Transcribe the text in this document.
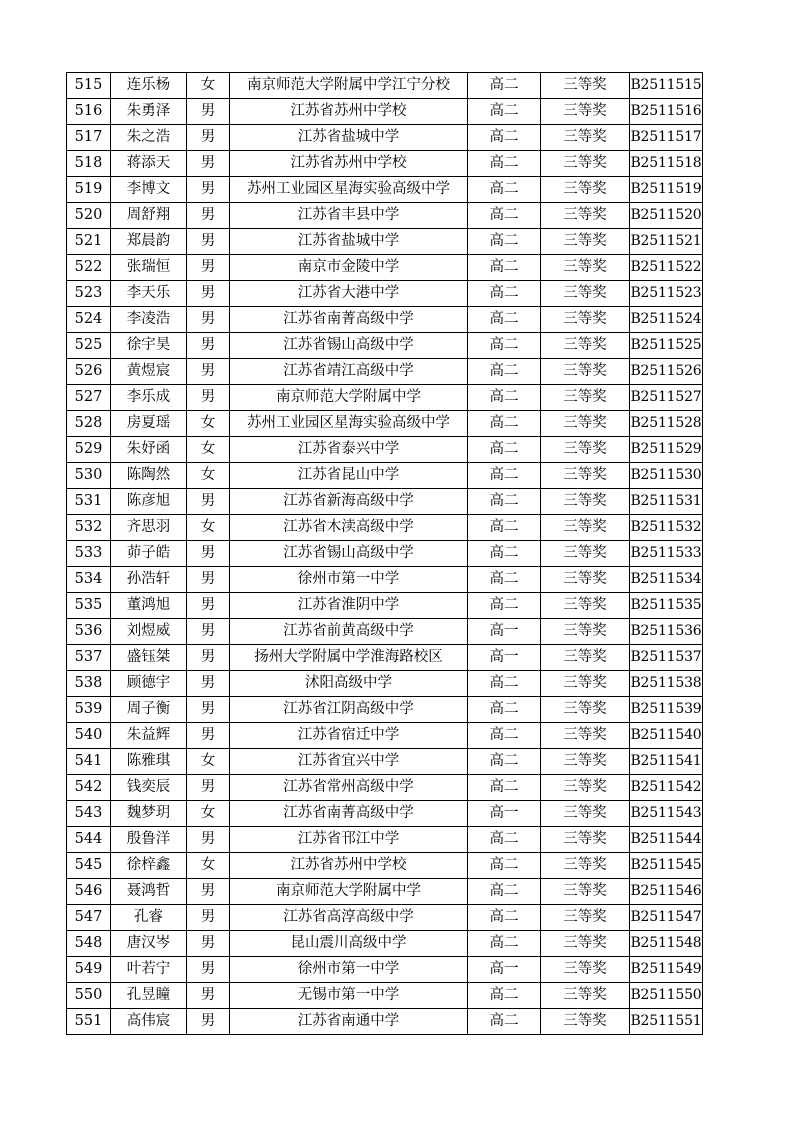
515	连乐杨	女	南京师范大学附属中学江宁分校	高二	三等奖	B2511515
516	朱勇泽	男	江苏省苏州中学校	高二	三等奖	B2511516
517	朱之浩	男	江苏省盐城中学	高二	三等奖	B2511517
518	蒋添天	男	江苏省苏州中学校	高二	三等奖	B2511518
519	李博文	男	苏州工业园区星海实验高级中学	高二	三等奖	B2511519
520	周舒翔	男	江苏省丰县中学	高二	三等奖	B2511520
521	郑晨韵	男	江苏省盐城中学	高二	三等奖	B2511521
522	张瑞恒	男	南京市金陵中学	高二	三等奖	B2511522
523	李天乐	男	江苏省大港中学	高二	三等奖	B2511523
524	李凌浩	男	江苏省南菁高级中学	高二	三等奖	B2511524
525	徐宇昊	男	江苏省锡山高级中学	高二	三等奖	B2511525
526	黄煜宸	男	江苏省靖江高级中学	高二	三等奖	B2511526
527	李乐成	男	南京师范大学附属中学	高二	三等奖	B2511527
528	房夏瑶	女	苏州工业园区星海实验高级中学	高二	三等奖	B2511528
529	朱妤函	女	江苏省泰兴中学	高二	三等奖	B2511529
530	陈陶然	女	江苏省昆山中学	高二	三等奖	B2511530
531	陈彦旭	男	江苏省新海高级中学	高二	三等奖	B2511531
532	齐思羽	女	江苏省木渎高级中学	高二	三等奖	B2511532
533	茆子皓	男	江苏省锡山高级中学	高二	三等奖	B2511533
534	孙浩轩	男	徐州市第一中学	高二	三等奖	B2511534
535	董鸿旭	男	江苏省淮阴中学	高二	三等奖	B2511535
536	刘煜威	男	江苏省前黄高级中学	高一	三等奖	B2511536
537	盛钰桀	男	扬州大学附属中学淮海路校区	高一	三等奖	B2511537
538	顾德宇	男	沭阳高级中学	高二	三等奖	B2511538
539	周子衡	男	江苏省江阴高级中学	高二	三等奖	B2511539
540	朱益辉	男	江苏省宿迁中学	高二	三等奖	B2511540
541	陈雅琪	女	江苏省宜兴中学	高二	三等奖	B2511541
542	钱奕辰	男	江苏省常州高级中学	高二	三等奖	B2511542
543	魏梦玥	女	江苏省南菁高级中学	高一	三等奖	B2511543
544	殷鲁洋	男	江苏省邗江中学	高二	三等奖	B2511544
545	徐梓鑫	女	江苏省苏州中学校	高二	三等奖	B2511545
546	聂鸿哲	男	南京师范大学附属中学	高二	三等奖	B2511546
547	孔睿	男	江苏省高淳高级中学	高二	三等奖	B2511547
548	唐汉岑	男	昆山震川高级中学	高二	三等奖	B2511548
549	叶若宁	男	徐州市第一中学	高一	三等奖	B2511549
550	孔昱瞳	男	无锡市第一中学	高二	三等奖	B2511550
551	高伟宸	男	江苏省南通中学	高二	三等奖	B2511551
